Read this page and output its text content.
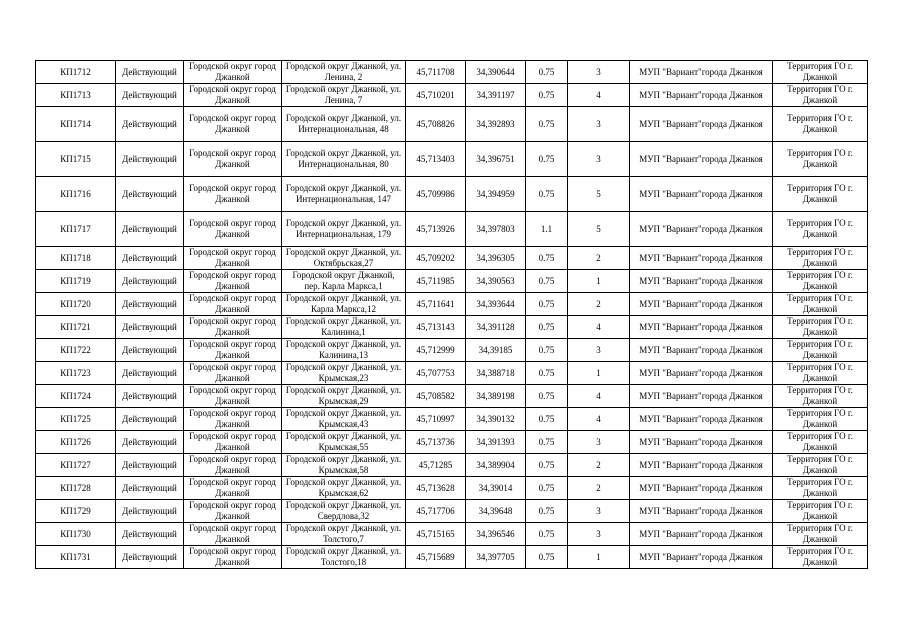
КП1712	Действующий	Городской округ город Джанкой	Городской округ Джанкой, ул. Ленина, 2	45,711708	34,390644	0.75	3	МУП "Вариант"города Джанкоя	Территория ГО г. Джанкой
КП1713	Действующий	Городской округ город Джанкой	Городской округ Джанкой, ул. Ленина, 7	45,710201	34,391197	0.75	4	МУП "Вариант"города Джанкоя	Территория ГО г. Джанкой
КП1714	Действующий	Городской округ город Джанкой	Городской округ Джанкой, ул. Интернациональная, 48	45,708826	34,392893	0.75	3	МУП "Вариант"города Джанкоя	Территория ГО г. Джанкой
КП1715	Действующий	Городской округ город Джанкой	Городской округ Джанкой, ул. Интернациональная, 80	45,713403	34,396751	0.75	3	МУП "Вариант"города Джанкоя	Территория ГО г. Джанкой
КП1716	Действующий	Городской округ город Джанкой	Городской округ Джанкой, ул. Интернациональная, 147	45,709986	34,394959	0.75	5	МУП "Вариант"города Джанкоя	Территория ГО г. Джанкой
КП1717	Действующий	Городской округ город Джанкой	Городской округ Джанкой, ул. Интернациональная, 179	45,713926	34,397803	1.1	5	МУП "Вариант"города Джанкоя	Территория ГО г. Джанкой
КП1718	Действующий	Городской округ город Джанкой	Городской округ Джанкой, ул. Октябрьская,27	45,709202	34,396305	0.75	2	МУП "Вариант"города Джанкоя	Территория ГО г. Джанкой
КП1719	Действующий	Городской округ город Джанкой	Городской округ Джанкой, пер. Карла Маркса,1	45,711985	34,390563	0.75	1	МУП "Вариант"города Джанкоя	Территория ГО г. Джанкой
КП1720	Действующий	Городской округ город Джанкой	Городской округ Джанкой, ул. Карла Маркса,12	45,711641	34,393644	0.75	2	МУП "Вариант"города Джанкоя	Территория ГО г. Джанкой
КП1721	Действующий	Городской округ город Джанкой	Городской округ Джанкой, ул. Калинина,1	45,713143	34,391128	0.75	4	МУП "Вариант"города Джанкоя	Территория ГО г. Джанкой
КП1722	Действующий	Городской округ город Джанкой	Городской округ Джанкой, ул. Калинина,13	45,712999	34,39185	0.75	3	МУП "Вариант"города Джанкоя	Территория ГО г. Джанкой
КП1723	Действующий	Городской округ город Джанкой	Городской округ Джанкой, ул. Крымская,23	45,707753	34,388718	0.75	1	МУП "Вариант"города Джанкоя	Территория ГО г. Джанкой
КП1724	Действующий	Городской округ город Джанкой	Городской округ Джанкой, ул. Крымская,29	45,708582	34,389198	0.75	4	МУП "Вариант"города Джанкоя	Территория ГО г. Джанкой
КП1725	Действующий	Городской округ город Джанкой	Городской округ Джанкой, ул. Крымская,43	45,710997	34,390132	0.75	4	МУП "Вариант"города Джанкоя	Территория ГО г. Джанкой
КП1726	Действующий	Городской округ город Джанкой	Городской округ Джанкой, ул. Крымская,55	45,713736	34,391393	0.75	3	МУП "Вариант"города Джанкоя	Территория ГО г. Джанкой
КП1727	Действующий	Городской округ город Джанкой	Городской округ Джанкой, ул. Крымская,58	45,71285	34,389904	0.75	2	МУП "Вариант"города Джанкоя	Территория ГО г. Джанкой
КП1728	Действующий	Городской округ город Джанкой	Городской округ Джанкой, ул. Крымская,62	45,713628	34,39014	0.75	2	МУП "Вариант"города Джанкоя	Территория ГО г. Джанкой
КП1729	Действующий	Городской округ город Джанкой	Городской округ Джанкой, ул. Свердлова,32	45,717706	34,39648	0.75	3	МУП "Вариант"города Джанкоя	Территория ГО г. Джанкой
КП1730	Действующий	Городской округ город Джанкой	Городской округ Джанкой, ул. Толстого,7	45,715165	34,396546	0.75	3	МУП "Вариант"города Джанкоя	Территория ГО г. Джанкой
КП1731	Действующий	Городской округ город Джанкой	Городской округ Джанкой, ул. Толстого,18	45,715689	34,397705	0.75	1	МУП "Вариант"города Джанкоя	Территория ГО г. Джанкой
